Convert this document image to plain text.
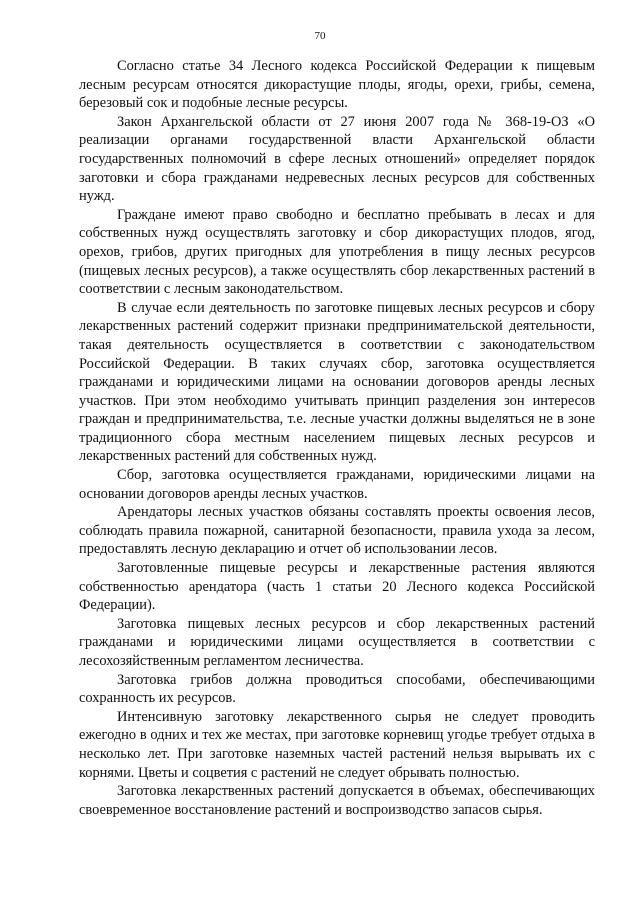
70

Согласно статье 34 Лесного кодекса Российской Федерации к пищевым лесным ресурсам относятся дикорастущие плоды, ягоды, орехи, грибы, семена, березовый сок и подобные лесные ресурсы.

Закон Архангельской области от 27 июня 2007 года № 368-19-ОЗ «О реализации органами государственной власти Архангельской области государственных полномочий в сфере лесных отношений» определяет порядок заготовки и сбора гражданами недревесных лесных ресурсов для собственных нужд.

Граждане имеют право свободно и бесплатно пребывать в лесах и для собственных нужд осуществлять заготовку и сбор дикорастущих плодов, ягод, орехов, грибов, других пригодных для употребления в пищу лесных ресурсов (пищевых лесных ресурсов), а также осуществлять сбор лекарственных растений в соответствии с лесным законодательством.

В случае если деятельность по заготовке пищевых лесных ресурсов и сбору лекарственных растений содержит признаки предпринимательской деятельности, такая деятельность осуществляется в соответствии с законодательством Российской Федерации. В таких случаях сбор, заготовка осуществляется гражданами и юридическими лицами на основании договоров аренды лесных участков. При этом необходимо учитывать принцип разделения зон интересов граждан и предпринимательства, т.е. лесные участки должны выделяться не в зоне традиционного сбора местным населением пищевых лесных ресурсов и лекарственных растений для собственных нужд.

Сбор, заготовка осуществляется гражданами, юридическими лицами на основании договоров аренды лесных участков.

Арендаторы лесных участков обязаны составлять проекты освоения лесов, соблюдать правила пожарной, санитарной безопасности, правила ухода за лесом, предоставлять лесную декларацию и отчет об использовании лесов.

Заготовленные пищевые ресурсы и лекарственные растения являются собственностью арендатора (часть 1 статьи 20 Лесного кодекса Российской Федерации).

Заготовка пищевых лесных ресурсов и сбор лекарственных растений гражданами и юридическими лицами осуществляется в соответствии с лесохозяйственным регламентом лесничества.

Заготовка грибов должна проводиться способами, обеспечивающими сохранность их ресурсов.

Интенсивную заготовку лекарственного сырья не следует проводить ежегодно в одних и тех же местах, при заготовке корневищ угодье требует отдыха в несколько лет. При заготовке наземных частей растений нельзя вырывать их с корнями. Цветы и соцветия с растений не следует обрывать полностью.

Заготовка лекарственных растений допускается в объемах, обеспечивающих своевременное восстановление растений и воспроизводство запасов сырья.
